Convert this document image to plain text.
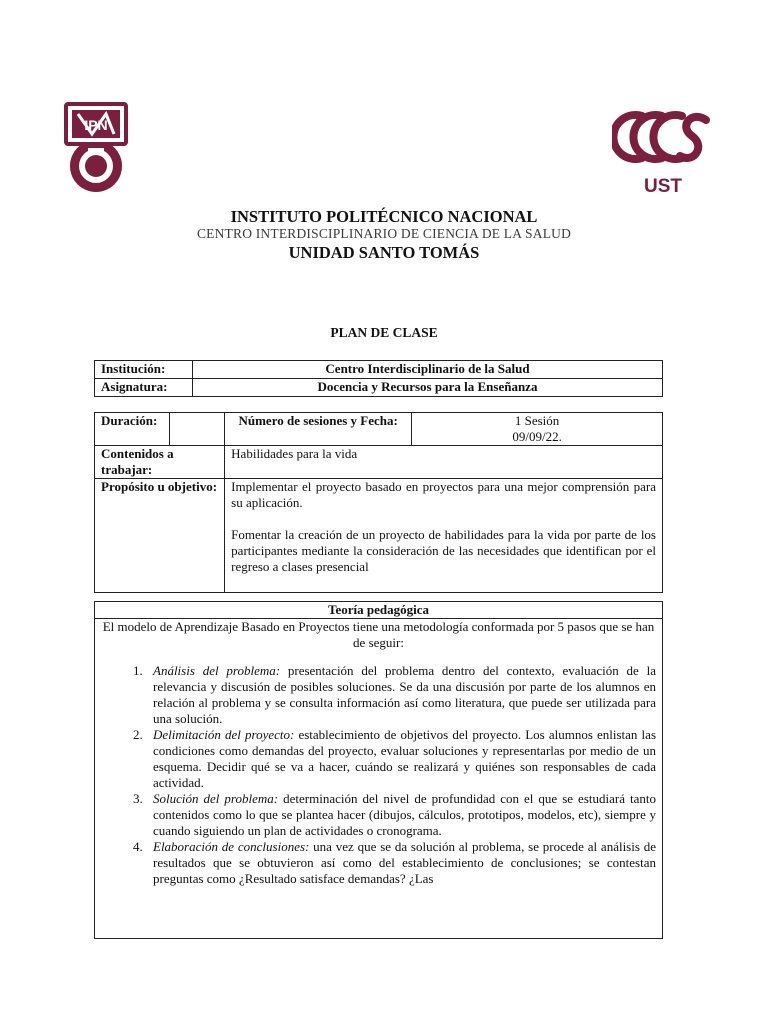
IPN
UST
INSTITUTO POLITÉCNICO NACIONAL
CENTRO INTERDISCIPLINARIO DE CIENCIA DE LA SALUD
UNIDAD SANTO TOMÁS
PLAN DE CLASE
Institución:	Centro Interdisciplinario de la Salud
Asignatura:	Docencia y Recursos para la Enseñanza
Duración:		Número de sesiones y Fecha:	1 Sesión
09/09/22.

Contenidos a trabajar:		Habilidades para la vida	
Propósito u objetivo:		Implementar el proyecto basado en proyectos para una mejor comprensión para su aplicación.
Fomentar la creación de un proyecto de habilidades para la vida por parte de los participantes mediante la consideración de las necesidades que identifican por el regreso a clases presencial	
Teoría pedagógica

El modelo de Aprendizaje Basado en Proyectos tiene una metodología conformada por 5 pasos que se han de seguir:
1. Análisis del problema: presentación del problema dentro del contexto, evaluación de la relevancia y discusión de posibles soluciones. Se da una discusión por parte de los alumnos en relación al problema y se consulta información así como literatura, que puede ser utilizada para una solución.
2. Delimitación del proyecto: establecimiento de objetivos del proyecto. Los alumnos enlistan las condiciones como demandas del proyecto, evaluar soluciones y representarlas por medio de un esquema. Decidir qué se va a hacer, cuándo se realizará y quiénes son responsables de cada actividad.
3. Solución del problema: determinación del nivel de profundidad con el que se estudiará tanto contenidos como lo que se plantea hacer (dibujos, cálculos, prototipos, modelos, etc), siempre y cuando siguiendo un plan de actividades o cronograma.
4. Elaboración de conclusiones: una vez que se da solución al problema, se procede al análisis de resultados que se obtuvieron así como del establecimiento de conclusiones; se contestan preguntas como ¿Resultado satisface demandas? ¿Las
